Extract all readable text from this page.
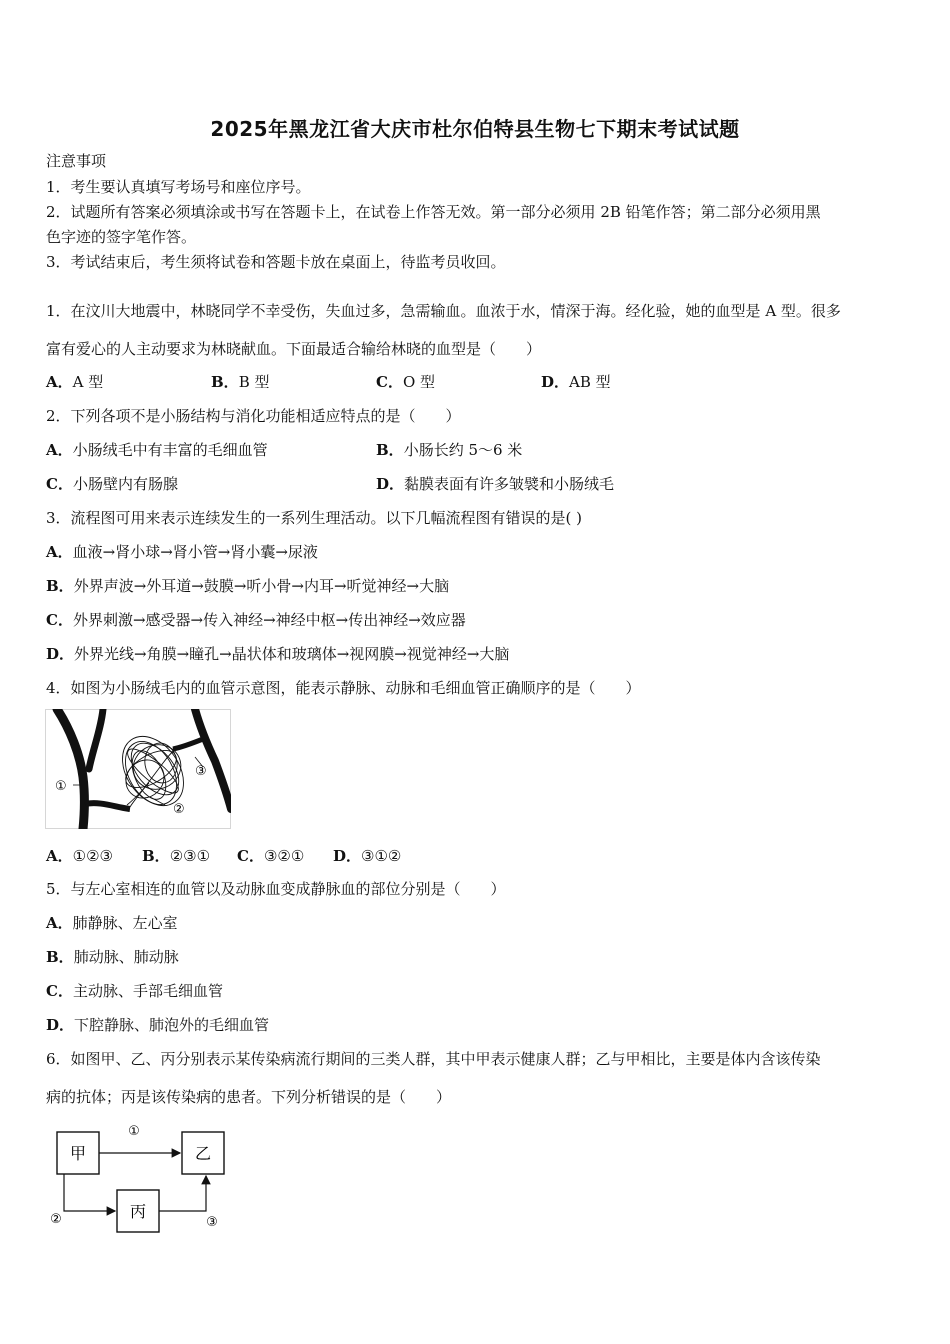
2025年黑龙江省大庆市杜尔伯特县生物七下期末考试试题
注意事项
1．考生要认真填写考场号和座位序号。
2．试题所有答案必须填涂或书写在答题卡上，在试卷上作答无效。第一部分必须用 2B 铅笔作答；第二部分必须用黑
色字迹的签字笔作答。
3．考试结束后，考生须将试卷和答题卡放在桌面上，待监考员收回。
1．在汶川大地震中，林晓同学不幸受伤，失血过多，急需输血。血浓于水，情深于海。经化验，她的血型是 A 型。很多
富有爱心的人主动要求为林晓献血。下面最适合输给林晓的血型是（　　）
A．A 型	B．B 型	C．O 型	D．AB 型
2．下列各项不是小肠结构与消化功能相适应特点的是（　　）
A．小肠绒毛中有丰富的毛细血管	B．小肠长约 5～6 米
C．小肠壁内有肠腺	D．黏膜表面有许多皱襞和小肠绒毛
3．流程图可用来表示连续发生的一系列生理活动。以下几幅流程图有错误的是( )
A．血液→肾小球→肾小管→肾小囊→尿液
B．外界声波→外耳道→鼓膜→听小骨→内耳→听觉神经→大脑
C．外界刺激→感受器→传入神经→神经中枢→传出神经→效应器
D．外界光线→角膜→瞳孔→晶状体和玻璃体→视网膜→视觉神经→大脑
4．如图为小肠绒毛内的血管示意图，能表示静脉、动脉和毛细血管正确顺序的是（　　）
①
②
③
A．①②③ B．②③① C．③②① D．③①②
5．与左心室相连的血管以及动脉血变成静脉血的部位分别是（　　）
A．肺静脉、左心室
B．肺动脉、肺动脉
C．主动脉、手部毛细血管
D．下腔静脉、肺泡外的毛细血管
6．如图甲、乙、丙分别表示某传染病流行期间的三类人群，其中甲表示健康人群；乙与甲相比，主要是体内含该传染
病的抗体；丙是该传染病的患者。下列分析错误的是（　　）
甲	乙
丙
①
②	③
